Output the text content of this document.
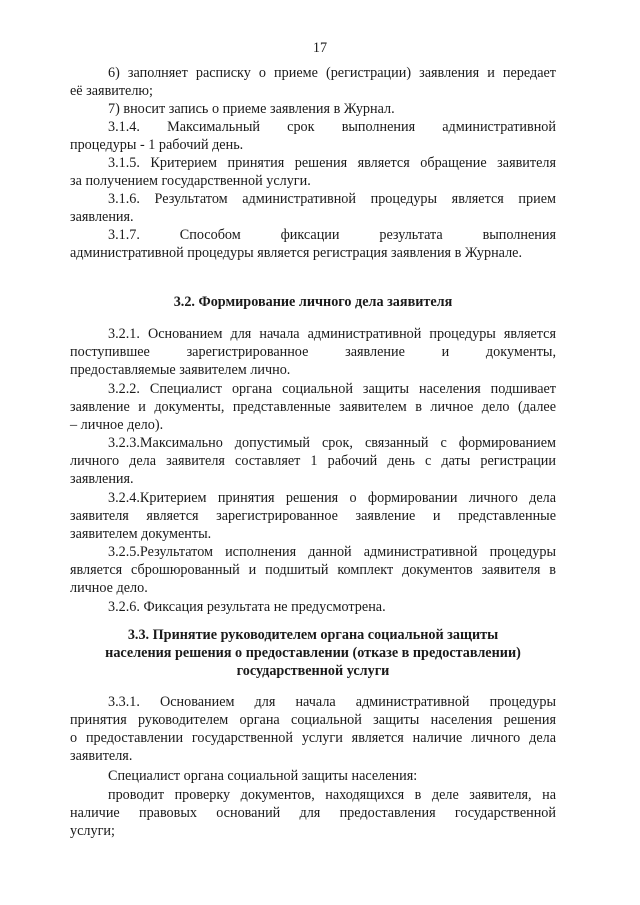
17
6) заполняет расписку о приеме (регистрации) заявления и передает
её заявителю;
7) вносит запись о приеме заявления в Журнал.
3.1.4. Максимальный срок выполнения административной
процедуры - 1 рабочий день.
3.1.5. Критерием принятия решения является обращение заявителя
за получением государственной услуги.
3.1.6. Результатом административной процедуры является прием
заявления.
3.1.7. Способом фиксации результата выполнения
административной процедуры является регистрация заявления в Журнале.
3.2. Формирование личного дела заявителя
3.2.1. Основанием для начала административной процедуры является
поступившее зарегистрированное заявление и документы,
предоставляемые заявителем лично.
3.2.2. Специалист органа социальной защиты населения подшивает
заявление и документы, представленные заявителем в личное дело (далее
– личное дело).
3.2.3.Максимально допустимый срок, связанный с формированием
личного дела заявителя составляет 1 рабочий день с даты регистрации
заявления.
3.2.4.Критерием принятия решения о формировании личного дела
заявителя является зарегистрированное заявление и представленные
заявителем документы.
3.2.5.Результатом исполнения данной административной процедуры
является сброшюрованный и подшитый комплект документов заявителя в
личное дело.
3.2.6. Фиксация результата не предусмотрена.
3.3. Принятие руководителем органа социальной защиты
населения решения о предоставлении (отказе в предоставлении)
государственной услуги
3.3.1. Основанием для начала административной процедуры
принятия руководителем органа социальной защиты населения решения
о предоставлении государственной услуги является наличие личного дела
заявителя.
Специалист органа социальной защиты населения:
проводит проверку документов, находящихся в деле заявителя, на
наличие правовых оснований для предоставления государственной
услуги;
